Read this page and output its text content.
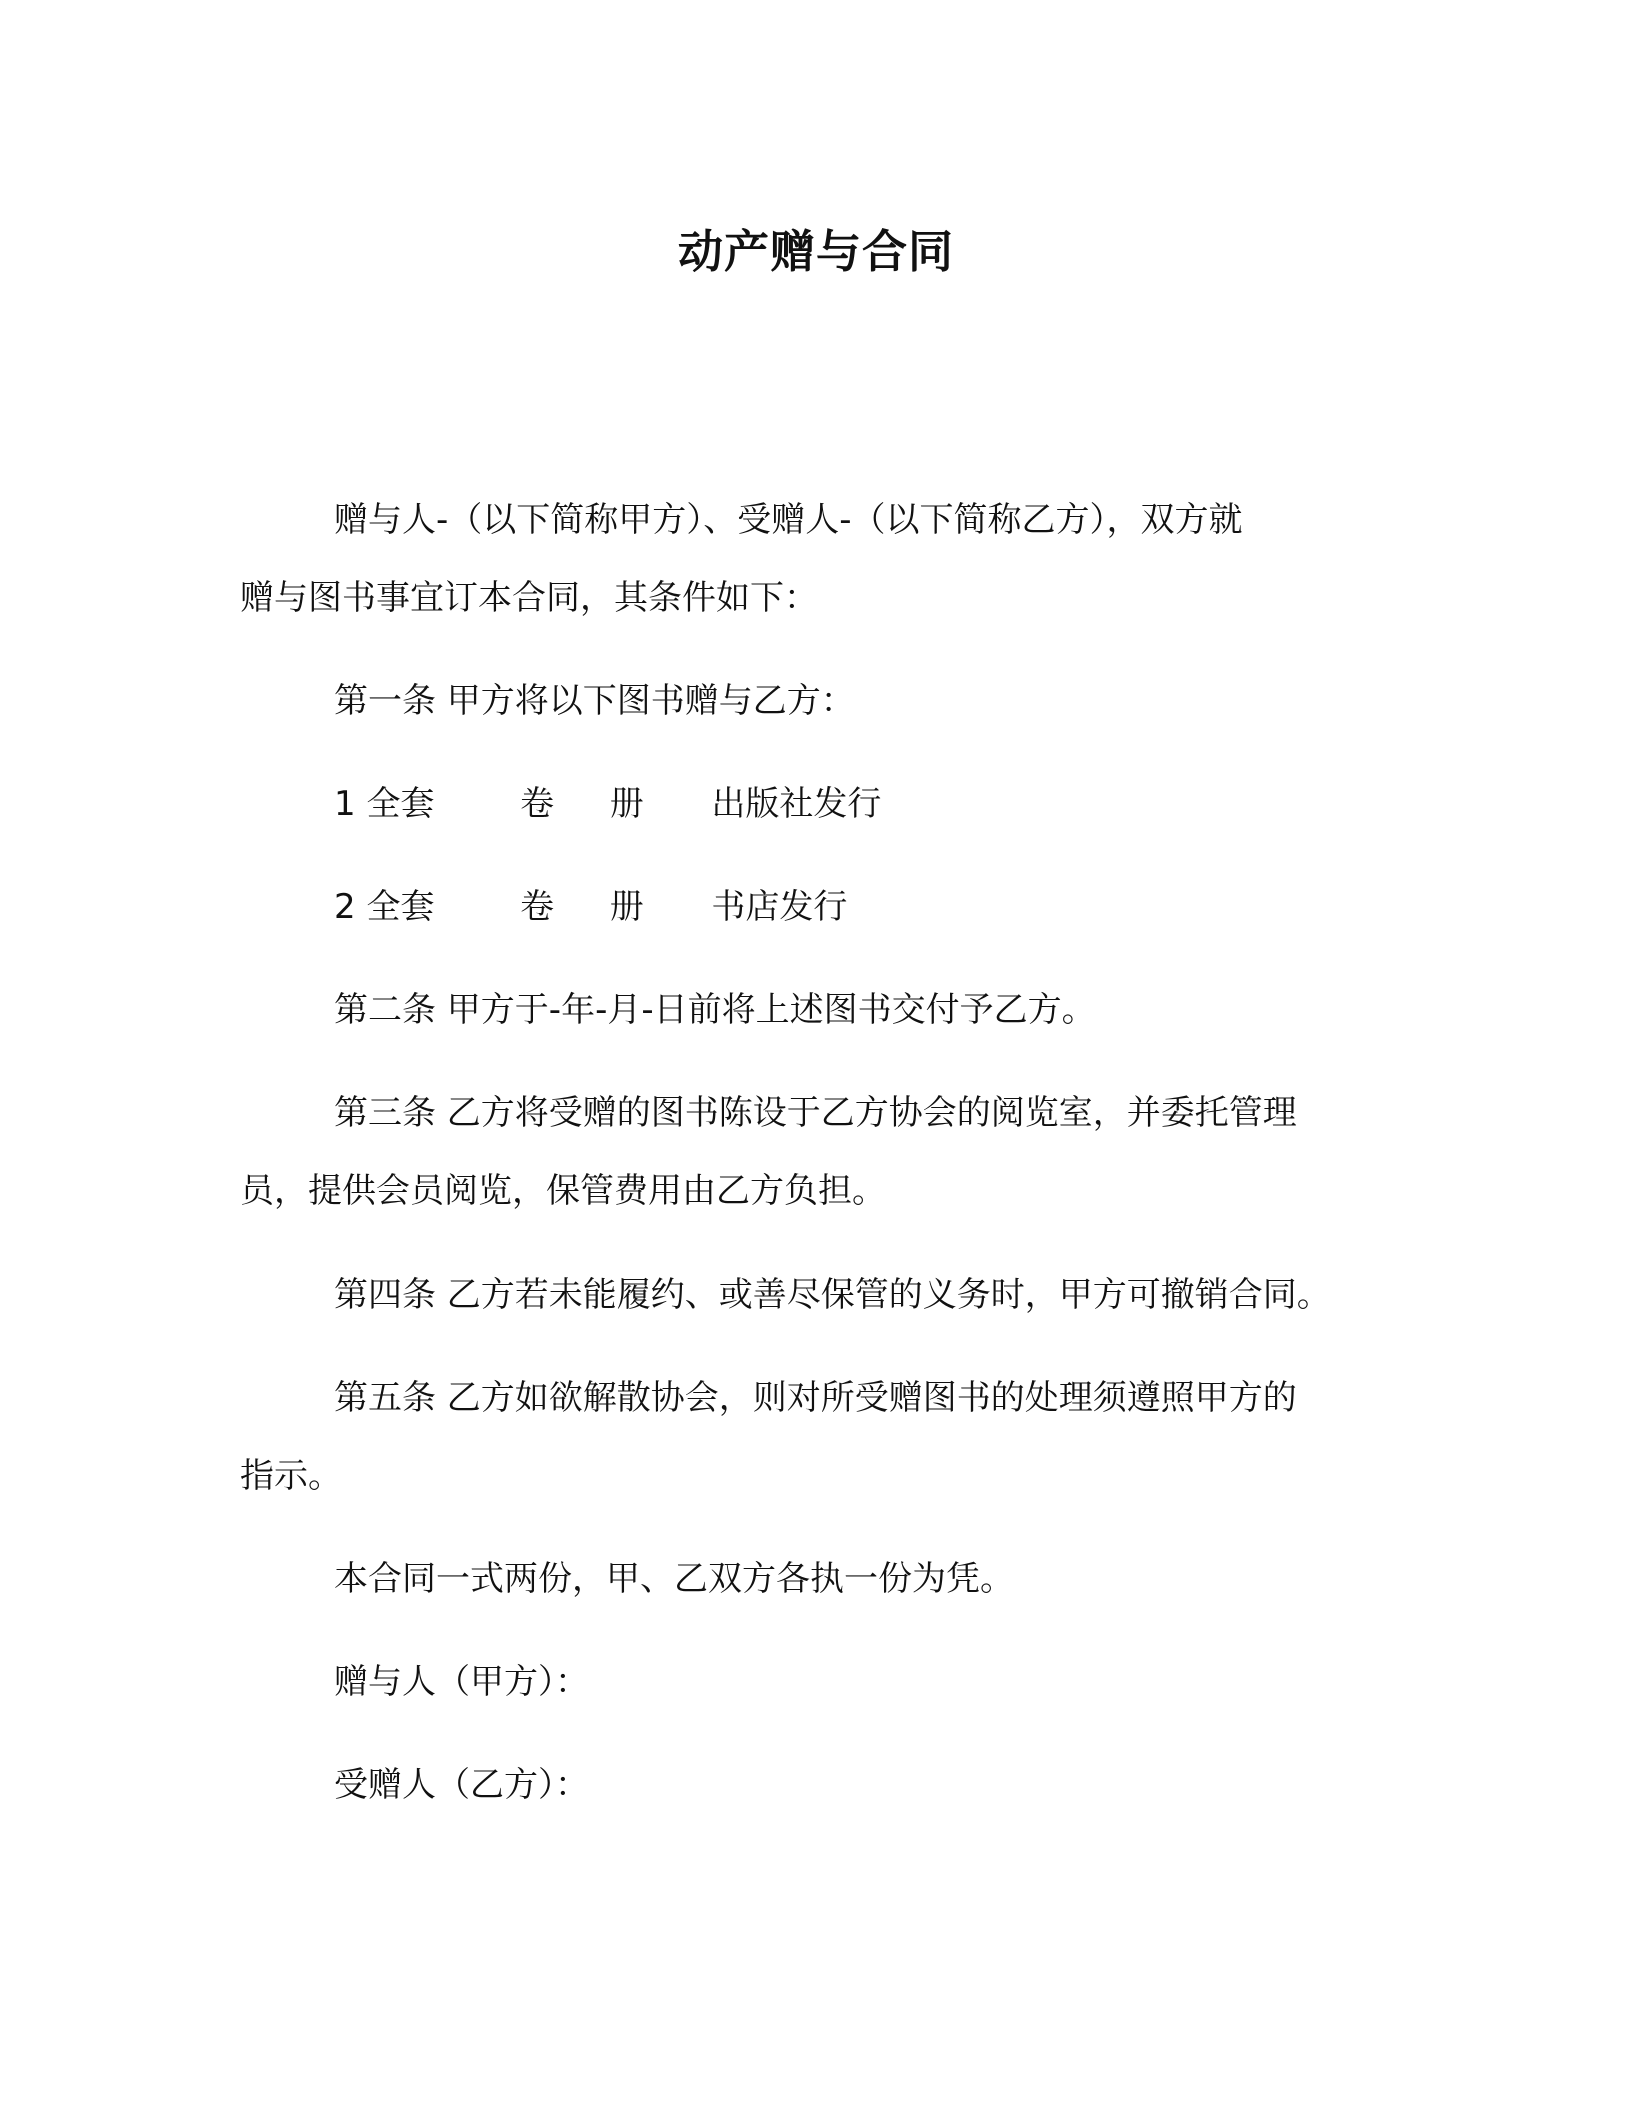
动产赠与合同
赠与人-（以下简称甲方）、受赠人-（以下简称乙方），双方就
赠与图书事宜订本合同，其条件如下：
第一条 甲方将以下图书赠与乙方：
1 全套	卷 册 出版社发行
2 全套	卷 册 书店发行
第二条 甲方于-年-月-日前将上述图书交付予乙方。
第三条 乙方将受赠的图书陈设于乙方协会的阅览室，并委托管理
员，提供会员阅览，保管费用由乙方负担。
第四条 乙方若未能履约、或善尽保管的义务时，甲方可撤销合同。
第五条 乙方如欲解散协会，则对所受赠图书的处理须遵照甲方的
指示。
本合同一式两份，甲、乙双方各执一份为凭。
赠与人（甲方）：
受赠人（乙方）：
